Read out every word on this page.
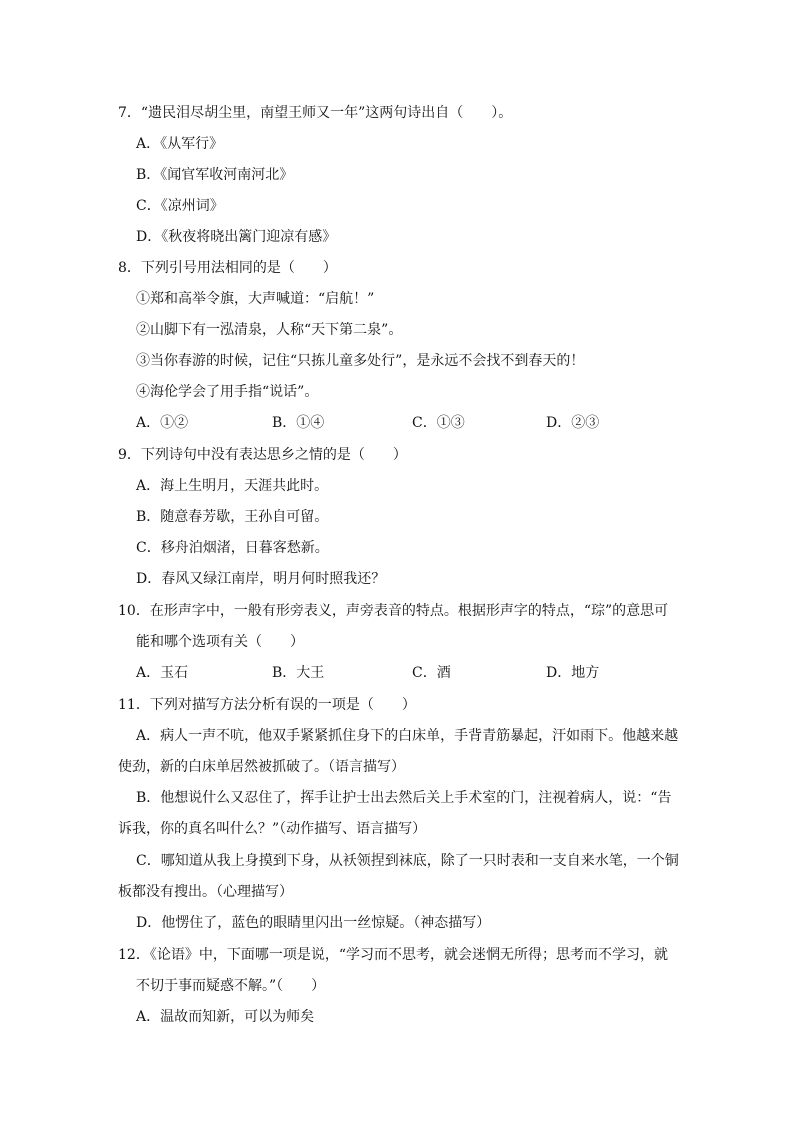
7．“遗民泪尽胡尘里，南望王师又一年”这两句诗出自（　　）。
A．《从军行》
B．《闻官军收河南河北》
C．《凉州词》
D．《秋夜将晓出篱门迎凉有感》
8．下列引号用法相同的是（　　）
①郑和高举令旗，大声喊道：“启航！”
②山脚下有一泓清泉，人称“天下第二泉”。
③当你春游的时候，记住“只拣儿童多处行”，是永远不会找不到春天的！
④海伦学会了用手指“说话”。
A．①②	B．①④	C．①③	D．②③
9．下列诗句中没有表达思乡之情的是（　　）
A．海上生明月，天涯共此时。
B．随意春芳歇，王孙自可留。
C．移舟泊烟渚，日暮客愁新。
D．春风又绿江南岸，明月何时照我还？
10．在形声字中，一般有形旁表义，声旁表音的特点。根据形声字的特点，“琮”的意思可
能和哪个选项有关（　　）
A．玉石	B．大王	C．酒	D．地方
11．下列对描写方法分析有误的一项是（　　）
A．病人一声不吭，他双手紧紧抓住身下的白床单，手背青筋暴起，汗如雨下。他越来越
使劲，新的白床单居然被抓破了。（语言描写）
B．他想说什么又忍住了，挥手让护士出去然后关上手术室的门，注视着病人，说：“告
诉我，你的真名叫什么？”（动作描写、语言描写）
C．哪知道从我上身摸到下身，从袄领捏到袜底，除了一只时表和一支自来水笔，一个铜
板都没有搜出。（心理描写）
D．他愣住了，蓝色的眼睛里闪出一丝惊疑。（神态描写）
12．《论语》中，下面哪一项是说，“学习而不思考，就会迷惘无所得；思考而不学习，就
不切于事而疑惑不解。”（　　）
A．温故而知新，可以为师矣
